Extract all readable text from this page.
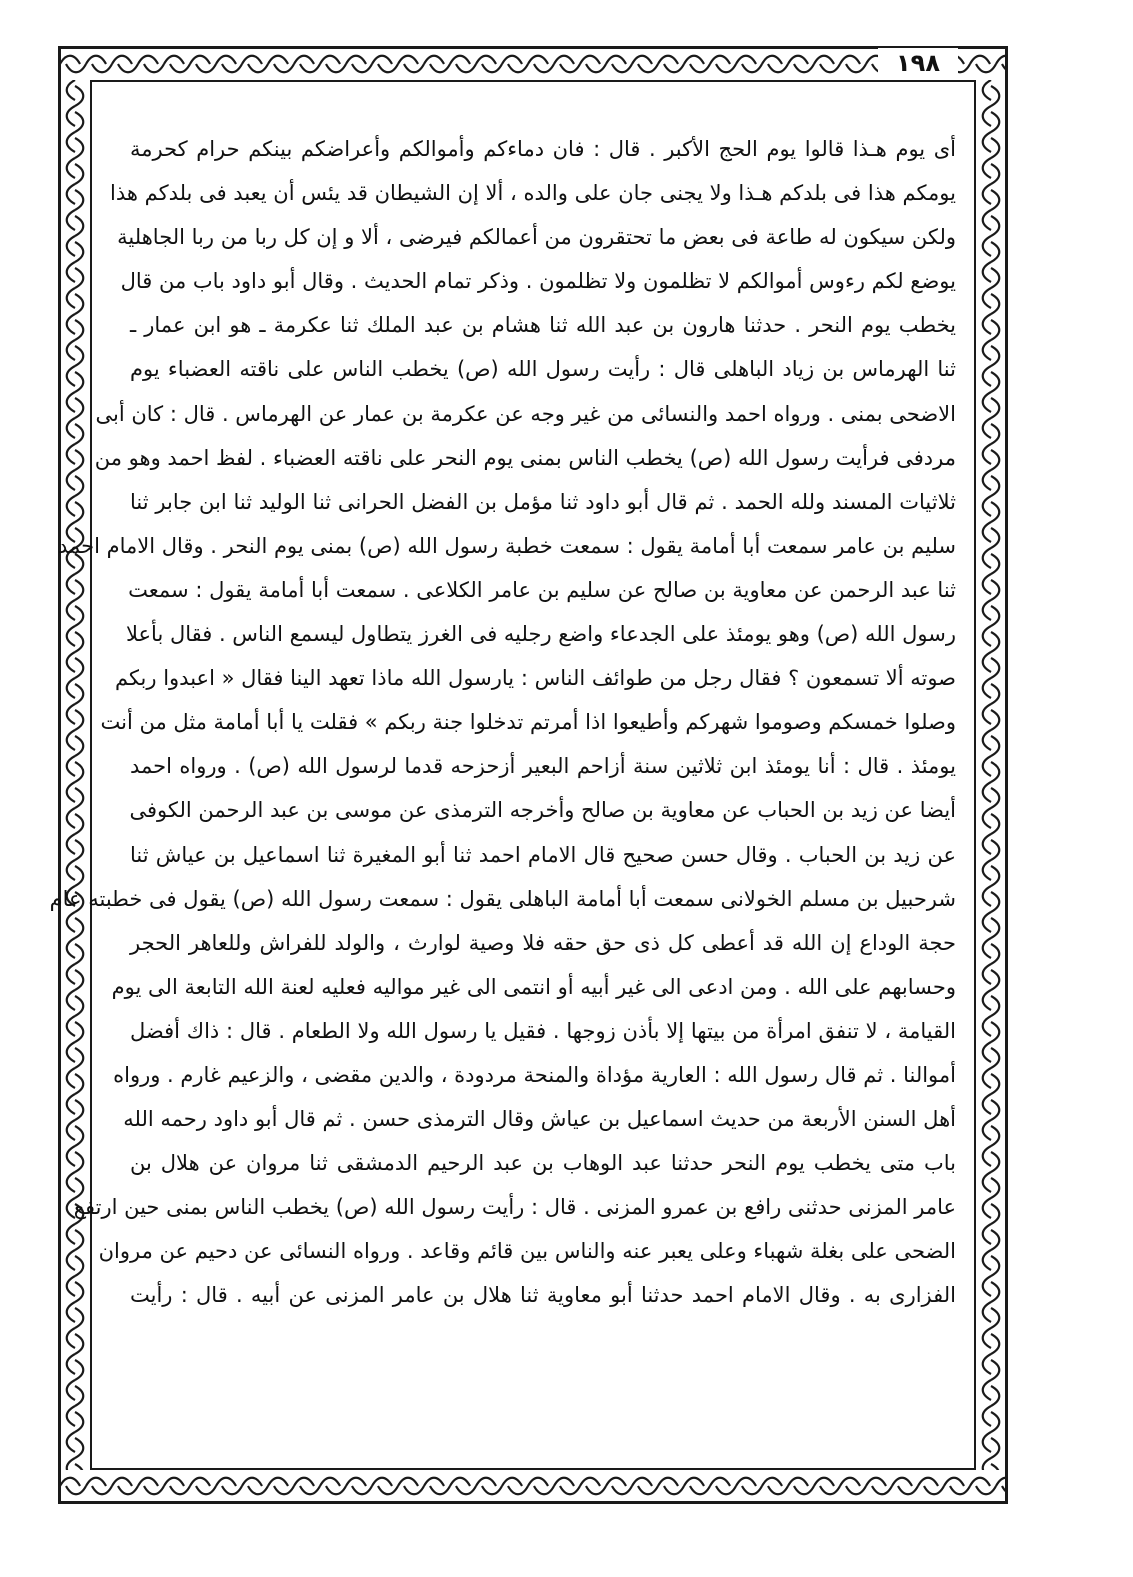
١٩٨
أى يوم هـذا قالوا يوم الحج الأكبر . قال : فان دماءكم وأموالكم وأعراضكم بينكم حرام كحرمة
يومكم هذا فى بلدكم هـذا ولا يجنى جان على والده ، ألا إن الشيطان قد يئس أن يعبد فى بلدكم هذا
ولكن سيكون له طاعة فى بعض ما تحتقرون من أعمالكم فيرضى ، ألا و إن كل ربا من ربا الجاهلية
يوضع لكم رءوس أموالكم لا تظلمون ولا تظلمون . وذكر تمام الحديث . وقال أبو داود باب من قال
يخطب يوم النحر . حدثنا هارون بن عبد الله ثنا هشام بن عبد الملك ثنا عكرمة ـ هو ابن عمار ـ
ثنا الهرماس بن زياد الباهلى قال : رأيت رسول الله (ص) يخطب الناس على ناقته العضباء يوم
الاضحى بمنى . ورواه احمد والنسائى من غير وجه عن عكرمة بن عمار عن الهرماس . قال : كان أبى
مردفى فرأيت رسول الله (ص) يخطب الناس بمنى يوم النحر على ناقته العضباء . لفظ احمد وهو من
ثلاثيات المسند ولله الحمد . ثم قال أبو داود ثنا مؤمل بن الفضل الحرانى ثنا الوليد ثنا ابن جابر ثنا
سليم بن عامر سمعت أبا أمامة يقول : سمعت خطبة رسول الله (ص) بمنى يوم النحر . وقال الامام احمد
ثنا عبد الرحمن عن معاوية بن صالح عن سليم بن عامر الكلاعى . سمعت أبا أمامة يقول : سمعت
رسول الله (ص) وهو يومئذ على الجدعاء واضع رجليه فى الغرز يتطاول ليسمع الناس . فقال بأعلا
صوته ألا تسمعون ؟ فقال رجل من طوائف الناس : يارسول الله ماذا تعهد الينا فقال « اعبدوا ربكم
وصلوا خمسكم وصوموا شهركم وأطيعوا اذا أمرتم تدخلوا جنة ربكم » فقلت يا أبا أمامة مثل من أنت
يومئذ . قال : أنا يومئذ ابن ثلاثين سنة أزاحم البعير أزحزحه قدما لرسول الله (ص) . ورواه احمد
أيضا عن زيد بن الحباب عن معاوية بن صالح وأخرجه الترمذى عن موسى بن عبد الرحمن الكوفى
عن زيد بن الحباب . وقال حسن صحيح قال الامام احمد ثنا أبو المغيرة ثنا اسماعيل بن عياش ثنا
شرحبيل بن مسلم الخولانى سمعت أبا أمامة الباهلى يقول : سمعت رسول الله (ص) يقول فى خطبته عام
حجة الوداع إن الله قد أعطى كل ذى حق حقه فلا وصية لوارث ، والولد للفراش وللعاهر الحجر
وحسابهم على الله . ومن ادعى الى غير أبيه أو انتمى الى غير مواليه فعليه لعنة الله التابعة الى يوم
القيامة ، لا تنفق امرأة من بيتها إلا بأذن زوجها . فقيل يا رسول الله ولا الطعام . قال : ذاك أفضل
أموالنا . ثم قال رسول الله : العارية مؤداة والمنحة مردودة ، والدين مقضى ، والزعيم غارم . ورواه
أهل السنن الأربعة من حديث اسماعيل بن عياش وقال الترمذى حسن . ثم قال أبو داود رحمه الله
باب متى يخطب يوم النحر حدثنا عبد الوهاب بن عبد الرحيم الدمشقى ثنا مروان عن هلال بن
عامر المزنى حدثنى رافع بن عمرو المزنى . قال : رأيت رسول الله (ص) يخطب الناس بمنى حين ارتفع
الضحى على بغلة شهباء وعلى يعبر عنه والناس بين قائم وقاعد . ورواه النسائى عن دحيم عن مروان
الفزارى به . وقال الامام احمد حدثنا أبو معاوية ثنا هلال بن عامر المزنى عن أبيه . قال : رأيت
